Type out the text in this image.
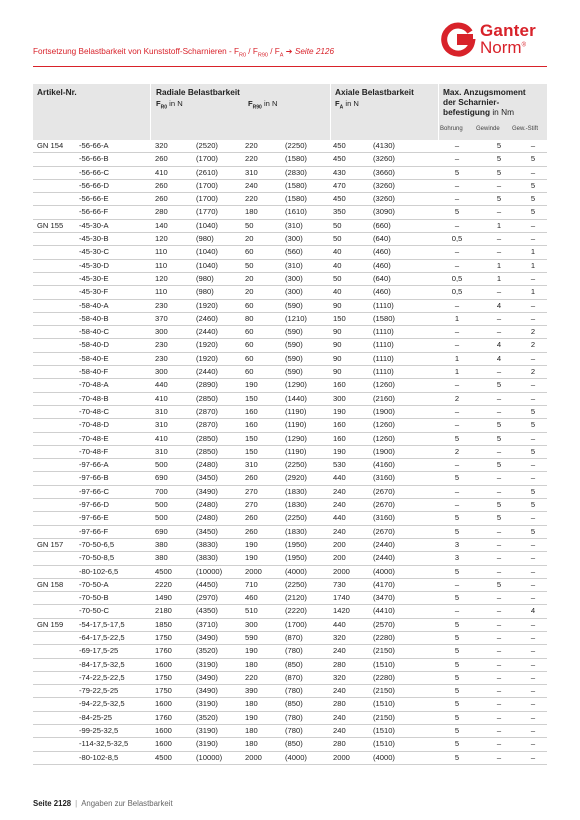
Fortsetzung Belastbarkeit von Kunststoff-Scharnieren - $F_{R0} / F_{R90} / F_A$ ➔ Seite 2126
Ganter
Norm®
Artikel-Nr.	Radiale Belastbarkeit	Axiale Belastbarkeit	Max. Anzugsmoment
der Scharnier-
befestigung in Nm
$F_{R0}$ in N	$F_{R90}$ in N	$F_A$ in N
Bohrung Gewinde Gew.-Stift
GN 154 -56-66-A	320	(2520)	220	(2250)	450	(4130)	–	5	–
-56-66-B	260	(1700)	220	(1580)	450	(3260)	–	5	5
-56-66-C	410	(2610)	310	(2830)	430	(3660)	5	5	–
-56-66-D	260	(1700)	240	(1580)	470	(3260)	–	–	5
-56-66-E	260	(1700)	220	(1580)	450	(3260)	–	5	5
-56-66-F	280	(1770)	180	(1610)	350	(3090)	5	–	5
GN 155 -45-30-A	140	(1040)	50	(310)	50	(660)	–	1	–
-45-30-B	120	(980)	20	(300)	50	(640)	0,5	–	–
-45-30-C	110	(1040)	60	(560)	40	(460)	–	–	1
-45-30-D	110	(1040)	50	(310)	40	(460)	–	1	1
-45-30-E	120	(980)	20	(300)	50	(640)	0,5	1	–
-45-30-F	110	(980)	20	(300)	40	(460)	0,5	–	1
-58-40-A	230	(1920)	60	(590)	90	(1110)	–	4	–
-58-40-B	370	(2460)	80	(1210)	150	(1580)	1	–	–
-58-40-C	300	(2440)	60	(590)	90	(1110)	–	–	2
-58-40-D	230	(1920)	60	(590)	90	(1110)	–	4	2
-58-40-E	230	(1920)	60	(590)	90	(1110)	1	4	–
-58-40-F	300	(2440)	60	(590)	90	(1110)	1	–	2
-70-48-A	440	(2890)	190	(1290)	160	(1260)	–	5	–
-70-48-B	410	(2850)	150	(1440)	300	(2160)	2	–	–
-70-48-C	310	(2870)	160	(1190)	190	(1900)	–	–	5
-70-48-D	310	(2870)	160	(1190)	160	(1260)	–	5	5
-70-48-E	410	(2850)	150	(1290)	160	(1260)	5	5	–
-70-48-F	310	(2850)	150	(1190)	190	(1900)	2	–	5
-97-66-A	500	(2480)	310	(2250)	530	(4160)	–	5	–
-97-66-B	690	(3450)	260	(2920)	440	(3160)	5	–	–
-97-66-C	700	(3490)	270	(1830)	240	(2670)	–	–	5
-97-66-D	500	(2480)	270	(1830)	240	(2670)	–	5	5
-97-66-E	500	(2480)	260	(2250)	440	(3160)	5	5	–
-97-66-F	690	(3450)	260	(1830)	240	(2670)	5	–	5
GN 157 -70-50-6,5	380	(3830)	190	(1950)	200	(2440)	3	–	–
-70-50-8,5	380	(3830)	190	(1950)	200	(2440)	3	–	–
-80-102-6,5	4500	(10000)	2000	(4000)	2000	(4000)	5	–	–
GN 158 -70-50-A	2220	(4450)	710	(2250)	730	(4170)	–	5	–
-70-50-B	1490	(2970)	460	(2120)	1740	(3470)	5	–	–
-70-50-C	2180	(4350)	510	(2220)	1420	(4410)	–	–	4
GN 159 -54-17,5-17,5	1850	(3710)	300	(1700)	440	(2570)	5	–	–
-64-17,5-22,5	1750	(3490)	590	(870)	320	(2280)	5	–	–
-69-17,5-25	1760	(3520)	190	(780)	240	(2150)	5	–	–
-84-17,5-32,5	1600	(3190)	180	(850)	280	(1510)	5	–	–
-74-22,5-22,5	1750	(3490)	220	(870)	320	(2280)	5	–	–
-79-22,5-25	1750	(3490)	390	(780)	240	(2150)	5	–	–
-94-22,5-32,5	1600	(3190)	180	(850)	280	(1510)	5	–	–
-84-25-25	1760	(3520)	190	(780)	240	(2150)	5	–	–
-99-25-32,5	1600	(3190)	180	(780)	240	(1510)	5	–	–
-114-32,5-32,5	1600	(3190)	180	(850)	280	(1510)	5	–	–
-80-102-8,5	4500	(10000)	2000	(4000)	2000	(4000)	5	–	–
Seite 2128 | Angaben zur Belastbarkeit
